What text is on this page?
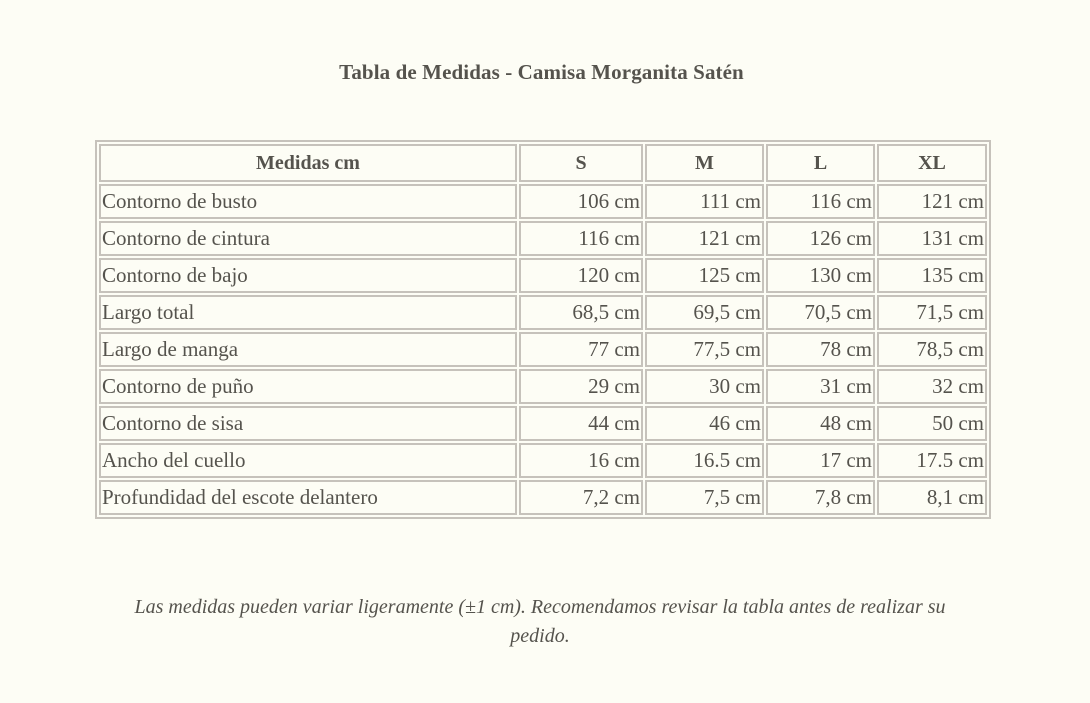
Tabla de Medidas - Camisa Morganita Satén
Medidas cm	S	M	L	XL
Contorno de busto	106 cm	111 cm	116 cm	121 cm
Contorno de cintura	116 cm	121 cm	126 cm	131 cm
Contorno de bajo	120 cm	125 cm	130 cm	135 cm
Largo total	68,5 cm	69,5 cm	70,5 cm	71,5 cm
Largo de manga	77 cm	77,5 cm	78 cm	78,5 cm
Contorno de puño	29 cm	30 cm	31 cm	32 cm
Contorno de sisa	44 cm	46 cm	48 cm	50 cm
Ancho del cuello	16 cm	16.5 cm	17 cm	17.5 cm
Profundidad del escote delantero	7,2 cm	7,5 cm	7,8 cm	8,1 cm

Las medidas pueden variar ligeramente (±1 cm). Recomendamos revisar la tabla antes de realizar su pedido.
